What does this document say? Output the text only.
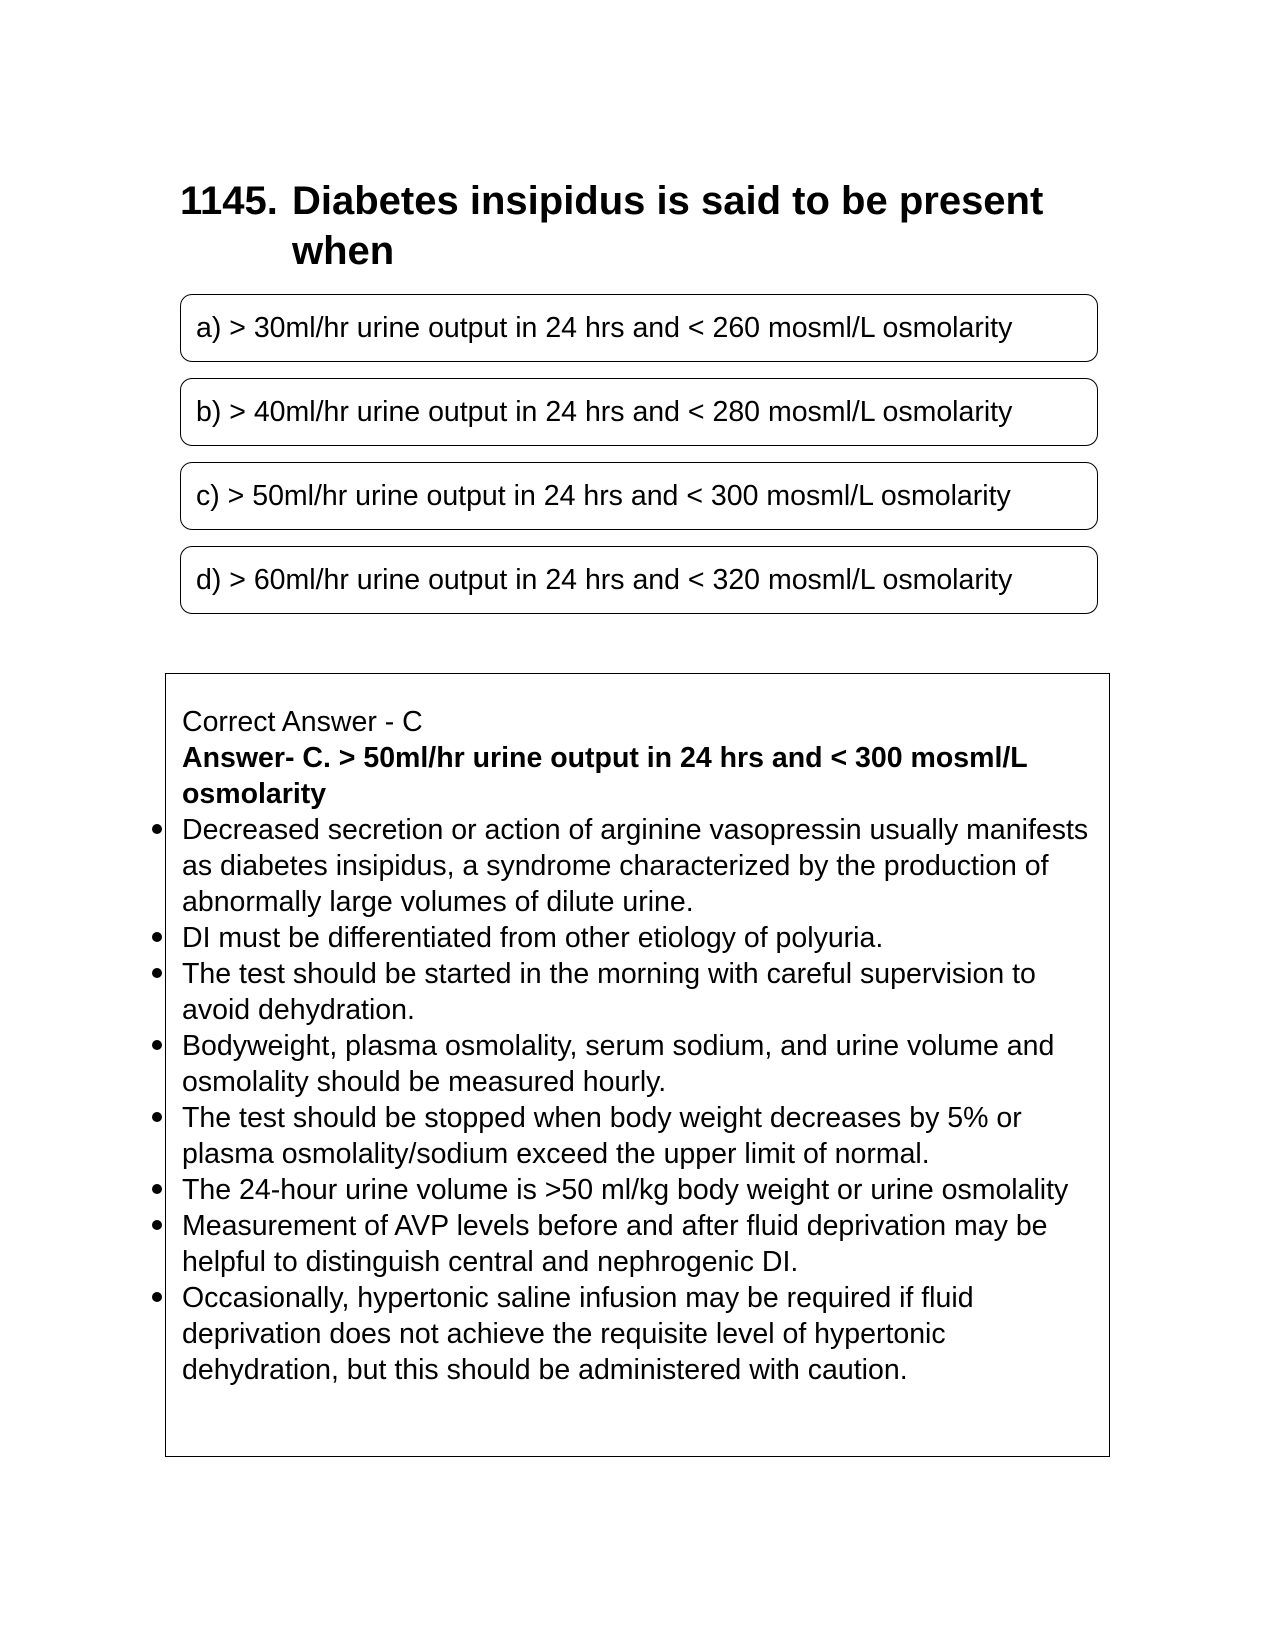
1145. Diabetes insipidus is said to be present when
a) > 30ml/hr urine output in 24 hrs and < 260 mosml/L osmolarity
b) > 40ml/hr urine output in 24 hrs and < 280 mosml/L osmolarity
c) > 50ml/hr urine output in 24 hrs and < 300 mosml/L osmolarity
d) > 60ml/hr urine output in 24 hrs and < 320 mosml/L osmolarity

Correct Answer - C

Answer- C. > 50ml/hr urine output in 24 hrs and < 300 mosml/L osmolarity

Decreased secretion or action of arginine vasopressin usually manifests as diabetes insipidus, a syndrome characterized by the production of abnormally large volumes of dilute urine.
DI must be differentiated from other etiology of polyuria.
The test should be started in the morning with careful supervision to avoid dehydration.
Bodyweight, plasma osmolality, serum sodium, and urine volume and osmolality should be measured hourly.
The test should be stopped when body weight decreases by 5% or plasma osmolality/sodium exceed the upper limit of normal.
The 24-hour urine volume is >50 ml/kg body weight or urine osmolality
Measurement of AVP levels before and after fluid deprivation may be helpful to distinguish central and nephrogenic DI.
Occasionally, hypertonic saline infusion may be required if fluid deprivation does not achieve the requisite level of hypertonic dehydration, but this should be administered with caution.
